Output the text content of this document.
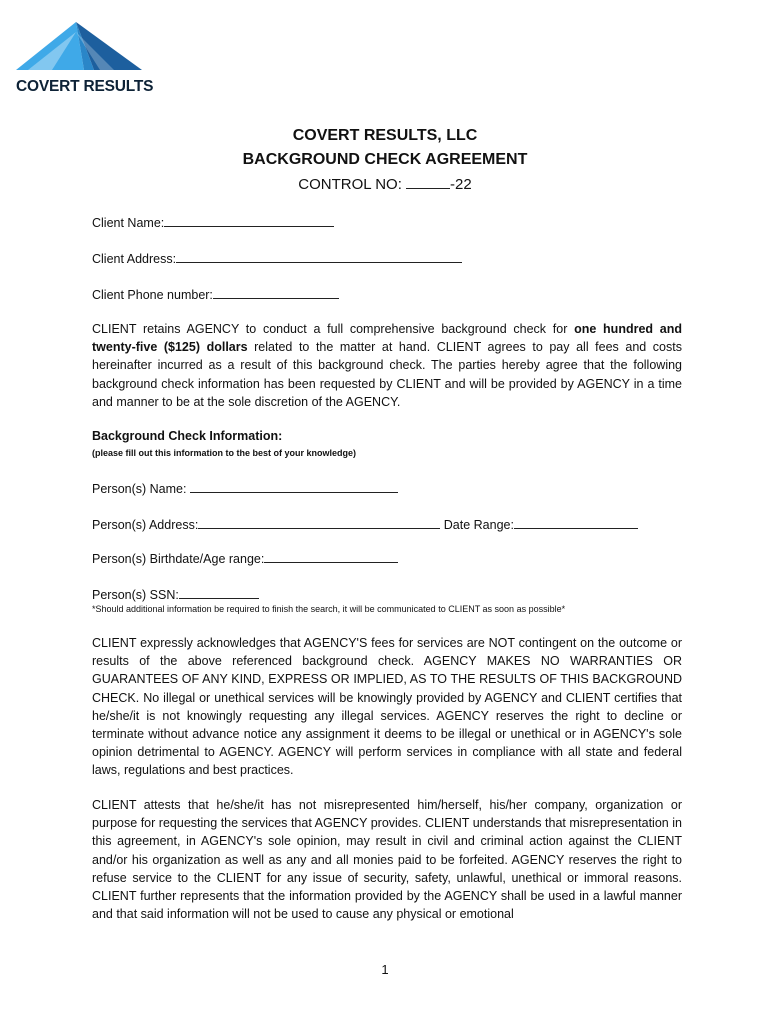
COVERT RESULTS
COVERT RESULTS, LLC
BACKGROUND CHECK AGREEMENT
CONTROL NO:	-22
Client Name:
Client Address:
Client Phone number:
CLIENT retains AGENCY to conduct a full comprehensive background check for one hundred and twenty-five ($125) dollars related to the matter at hand. CLIENT agrees to pay all fees and costs hereinafter incurred as a result of this background check. The parties hereby agree that the following background check information has been requested by CLIENT and will be provided by AGENCY in a time and manner to be at the sole discretion of the AGENCY.
Background Check Information:
(please fill out this information to the best of your knowledge)
Person(s) Name:
Person(s) Address:	Date Range:
Person(s) Birthdate/Age range:
Person(s) SSN:
*Should additional information be required to finish the search, it will be communicated to CLIENT as soon as possible*
CLIENT expressly acknowledges that AGENCY'S fees for services are NOT contingent on the outcome or results of the above referenced background check. AGENCY MAKES NO WARRANTIES OR GUARANTEES OF ANY KIND, EXPRESS OR IMPLIED, AS TO THE RESULTS OF THIS BACKGROUND CHECK. No illegal or unethical services will be knowingly provided by AGENCY and CLIENT certifies that he/she/it is not knowingly requesting any illegal services. AGENCY reserves the right to decline or terminate without advance notice any assignment it deems to be illegal or unethical or in AGENCY's sole opinion detrimental to AGENCY. AGENCY will perform services in compliance with all state and federal laws, regulations and best practices.
CLIENT attests that he/she/it has not misrepresented him/herself, his/her company, organization or purpose for requesting the services that AGENCY provides. CLIENT understands that misrepresentation in this agreement, in AGENCY's sole opinion, may result in civil and criminal action against the CLIENT and/or his organization as well as any and all monies paid to be forfeited. AGENCY reserves the right to refuse service to the CLIENT for any issue of security, safety, unlawful, unethical or immoral reasons. CLIENT further represents that the information provided by the AGENCY shall be used in a lawful manner and that said information will not be used to cause any physical or emotional
1
